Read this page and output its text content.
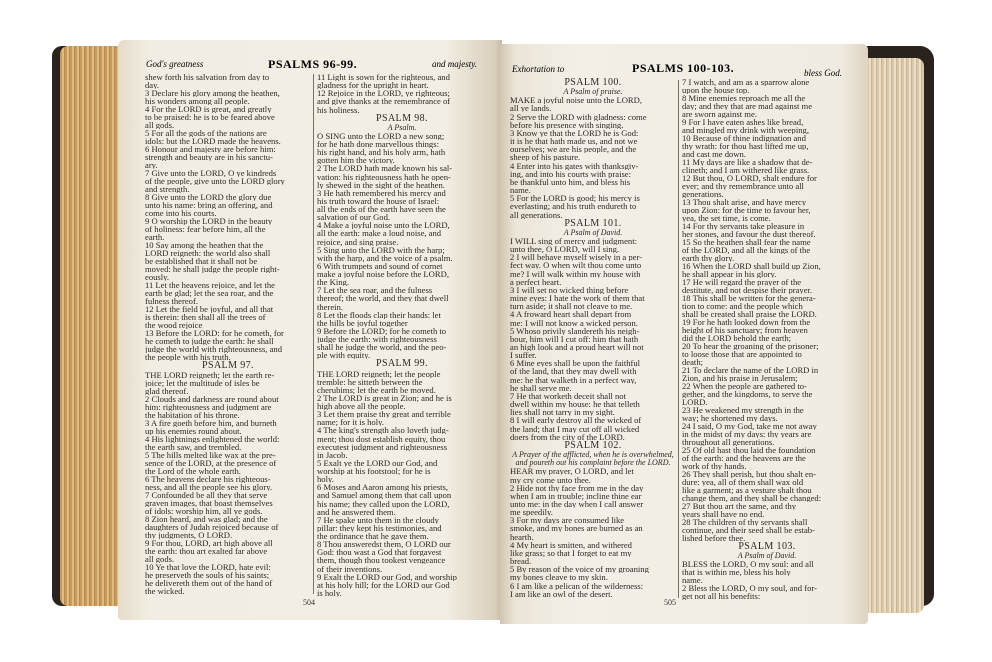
God's greatness	PSALMS 96-99.	and majesty.	Exhortation to	PSALMS 100-103.	bless God.
shew forth his salvation from day to
day.
3 Declare his glory among the heathen,
his wonders among all people.
4 For the LORD is great, and greatly
to be praised: he is to be feared above
all gods.
5 For all the gods of the nations are
idols: but the LORD made the heavens.
6 Honour and majesty are before him:
strength and beauty are in his sanctu-
ary.
7 Give unto the LORD, O ye kindreds
of the people, give unto the LORD glory
and strength.
8 Give unto the LORD the glory due
unto his name: bring an offering, and
come into his courts.
9 O worship the LORD in the beauty
of holiness: fear before him, all the
earth.
10 Say among the heathen that the
LORD reigneth: the world also shall
be established that it shall not be
moved: he shall judge the people right-
eously.
11 Let the heavens rejoice, and let the
earth be glad; let the sea roar, and the
fulness thereof.
12 Let the field be joyful, and all that
is therein: then shall all the trees of
the wood rejoice
13 Before the LORD: for he cometh, for
he cometh to judge the earth: he shall
judge the world with righteousness, and
the people with his truth.
PSALM 97.
THE LORD reigneth; let the earth re-
joice; let the multitude of isles be
glad thereof.
2 Clouds and darkness are round about
him: righteousness and judgment are
the habitation of his throne.
3 A fire goeth before him, and burneth
up his enemies round about.
4 His lightnings enlightened the world:
the earth saw, and trembled.
5 The hills melted like wax at the pre-
sence of the LORD, at the presence of
the Lord of the whole earth.
6 The heavens declare his righteous-
ness, and all the people see his glory.
7 Confounded be all they that serve
graven images, that boast themselves
of idols: worship him, all ye gods.
8 Zion heard, and was glad; and the
daughters of Judah rejoiced because of
thy judgments, O LORD.
9 For thou, LORD, art high above all
the earth: thou art exalted far above
all gods.
10 Ye that love the LORD, hate evil:
he preserveth the souls of his saints;
he delivereth them out of the hand of
the wicked.
11 Light is sown for the righteous, and
gladness for the upright in heart.
12 Rejoice in the LORD, ye righteous;
and give thanks at the remembrance of
his holiness.
PSALM 98.
A Psalm.
O SING unto the LORD a new song;
for he hath done marvellous things:
his right hand, and his holy arm, hath
gotten him the victory.
2 The LORD hath made known his sal-
vation: his righteousness hath he open-
ly shewed in the sight of the heathen.
3 He hath remembered his mercy and
his truth toward the house of Israel:
all the ends of the earth have seen the
salvation of our God.
4 Make a joyful noise unto the LORD,
all the earth: make a loud noise, and
rejoice, and sing praise.
5 Sing unto the LORD with the harp;
with the harp, and the voice of a psalm.
6 With trumpets and sound of cornet
make a joyful noise before the LORD,
the King.
7 Let the sea roar, and the fulness
thereof; the world, and they that dwell
therein.
8 Let the floods clap their hands: let
the hills be joyful together
9 Before the LORD; for he cometh to
judge the earth: with righteousness
shall he judge the world, and the peo-
ple with equity.
PSALM 99.
THE LORD reigneth; let the people
tremble: he sitteth between the
cherubims; let the earth be moved.
2 The LORD is great in Zion; and he is
high above all the people.
3 Let them praise thy great and terrible
name; for it is holy.
4 The king's strength also loveth judg-
ment; thou dost establish equity, thou
executest judgment and righteousness
in Jacob.
5 Exalt ye the LORD our God, and
worship at his footstool; for he is
holy.
6 Moses and Aaron among his priests,
and Samuel among them that call upon
his name; they called upon the LORD,
and he answered them.
7 He spake unto them in the cloudy
pillar: they kept his testimonies, and
the ordinance that he gave them.
8 Thou answeredst them, O LORD our
God: thou wast a God that forgavest
them, though thou tookest vengeance
of their inventions.
9 Exalt the LORD our God, and worship
at his holy hill; for the LORD our God
is holy.
PSALM 100.
A Psalm of praise.
MAKE a joyful noise unto the LORD,
all ye lands.
2 Serve the LORD with gladness: come
before his presence with singing.
3 Know ye that the LORD he is God:
it is he that hath made us, and not we
ourselves; we are his people, and the
sheep of his pasture.
4 Enter into his gates with thanksgiv-
ing, and into his courts with praise:
be thankful unto him, and bless his
name.
5 For the LORD is good; his mercy is
everlasting; and his truth endureth to
all generations.
PSALM 101.
A Psalm of David.
I WILL sing of mercy and judgment:
unto thee, O LORD, will I sing.
2 I will behave myself wisely in a per-
fect way. O when wilt thou come unto
me? I will walk within my house with
a perfect heart.
3 I will set no wicked thing before
mine eyes: I hate the work of them that
turn aside; it shall not cleave to me.
4 A froward heart shall depart from
me: I will not know a wicked person.
5 Whoso privily slandereth his neigh-
bour, him will I cut off: him that hath
an high look and a proud heart will not
I suffer.
6 Mine eyes shall be upon the faithful
of the land, that they may dwell with
me: he that walketh in a perfect way,
he shall serve me.
7 He that worketh deceit shall not
dwell within my house: he that telleth
lies shall not tarry in my sight.
8 I will early destroy all the wicked of
the land; that I may cut off all wicked
doers from the city of the LORD.
PSALM 102.
A Prayer of the afflicted, when he is overwhelmed,
and poureth out his complaint before the LORD.
HEAR my prayer, O LORD, and let
my cry come unto thee.
2 Hide not thy face from me in the day
when I am in trouble; incline thine ear
unto me: in the day when I call answer
me speedily.
3 For my days are consumed like
smoke, and my bones are burned as an
hearth.
4 My heart is smitten, and withered
like grass; so that I forget to eat my
bread.
5 By reason of the voice of my groaning
my bones cleave to my skin.
6 I am like a pelican of the wilderness:
I am like an owl of the desert.
7 I watch, and am as a sparrow alone
upon the house top.
8 Mine enemies reproach me all the
day; and they that are mad against me
are sworn against me.
9 For I have eaten ashes like bread,
and mingled my drink with weeping,
10 Because of thine indignation and
thy wrath: for thou hast lifted me up,
and cast me down.
11 My days are like a shadow that de-
clineth; and I am withered like grass.
12 But thou, O LORD, shalt endure for
ever; and thy remembrance unto all
generations.
13 Thou shalt arise, and have mercy
upon Zion: for the time to favour her,
yea, the set time, is come.
14 For thy servants take pleasure in
her stones, and favour the dust thereof.
15 So the heathen shall fear the name
of the LORD, and all the kings of the
earth thy glory.
16 When the LORD shall build up Zion,
he shall appear in his glory.
17 He will regard the prayer of the
destitute, and not despise their prayer.
18 This shall be written for the genera-
tion to come: and the people which
shall be created shall praise the LORD.
19 For he hath looked down from the
height of his sanctuary; from heaven
did the LORD behold the earth;
20 To hear the groaning of the prisoner;
to loose those that are appointed to
death;
21 To declare the name of the LORD in
Zion, and his praise in Jerusalem;
22 When the people are gathered to-
gether, and the kingdoms, to serve the
LORD.
23 He weakened my strength in the
way; he shortened my days.
24 I said, O my God, take me not away
in the midst of my days: thy years are
throughout all generations.
25 Of old hast thou laid the foundation
of the earth: and the heavens are the
work of thy hands.
26 They shall perish, but thou shalt en-
dure: yea, all of them shall wax old
like a garment; as a vesture shalt thou
change them, and they shall be changed:
27 But thou art the same, and thy
years shall have no end.
28 The children of thy servants shall
continue, and their seed shall be estab-
lished before thee.
PSALM 103.
A Psalm of David.
BLESS the LORD, O my soul: and all
that is within me, bless his holy
name.
2 Bless the LORD, O my soul, and for-
get not all his benefits:
504	505
